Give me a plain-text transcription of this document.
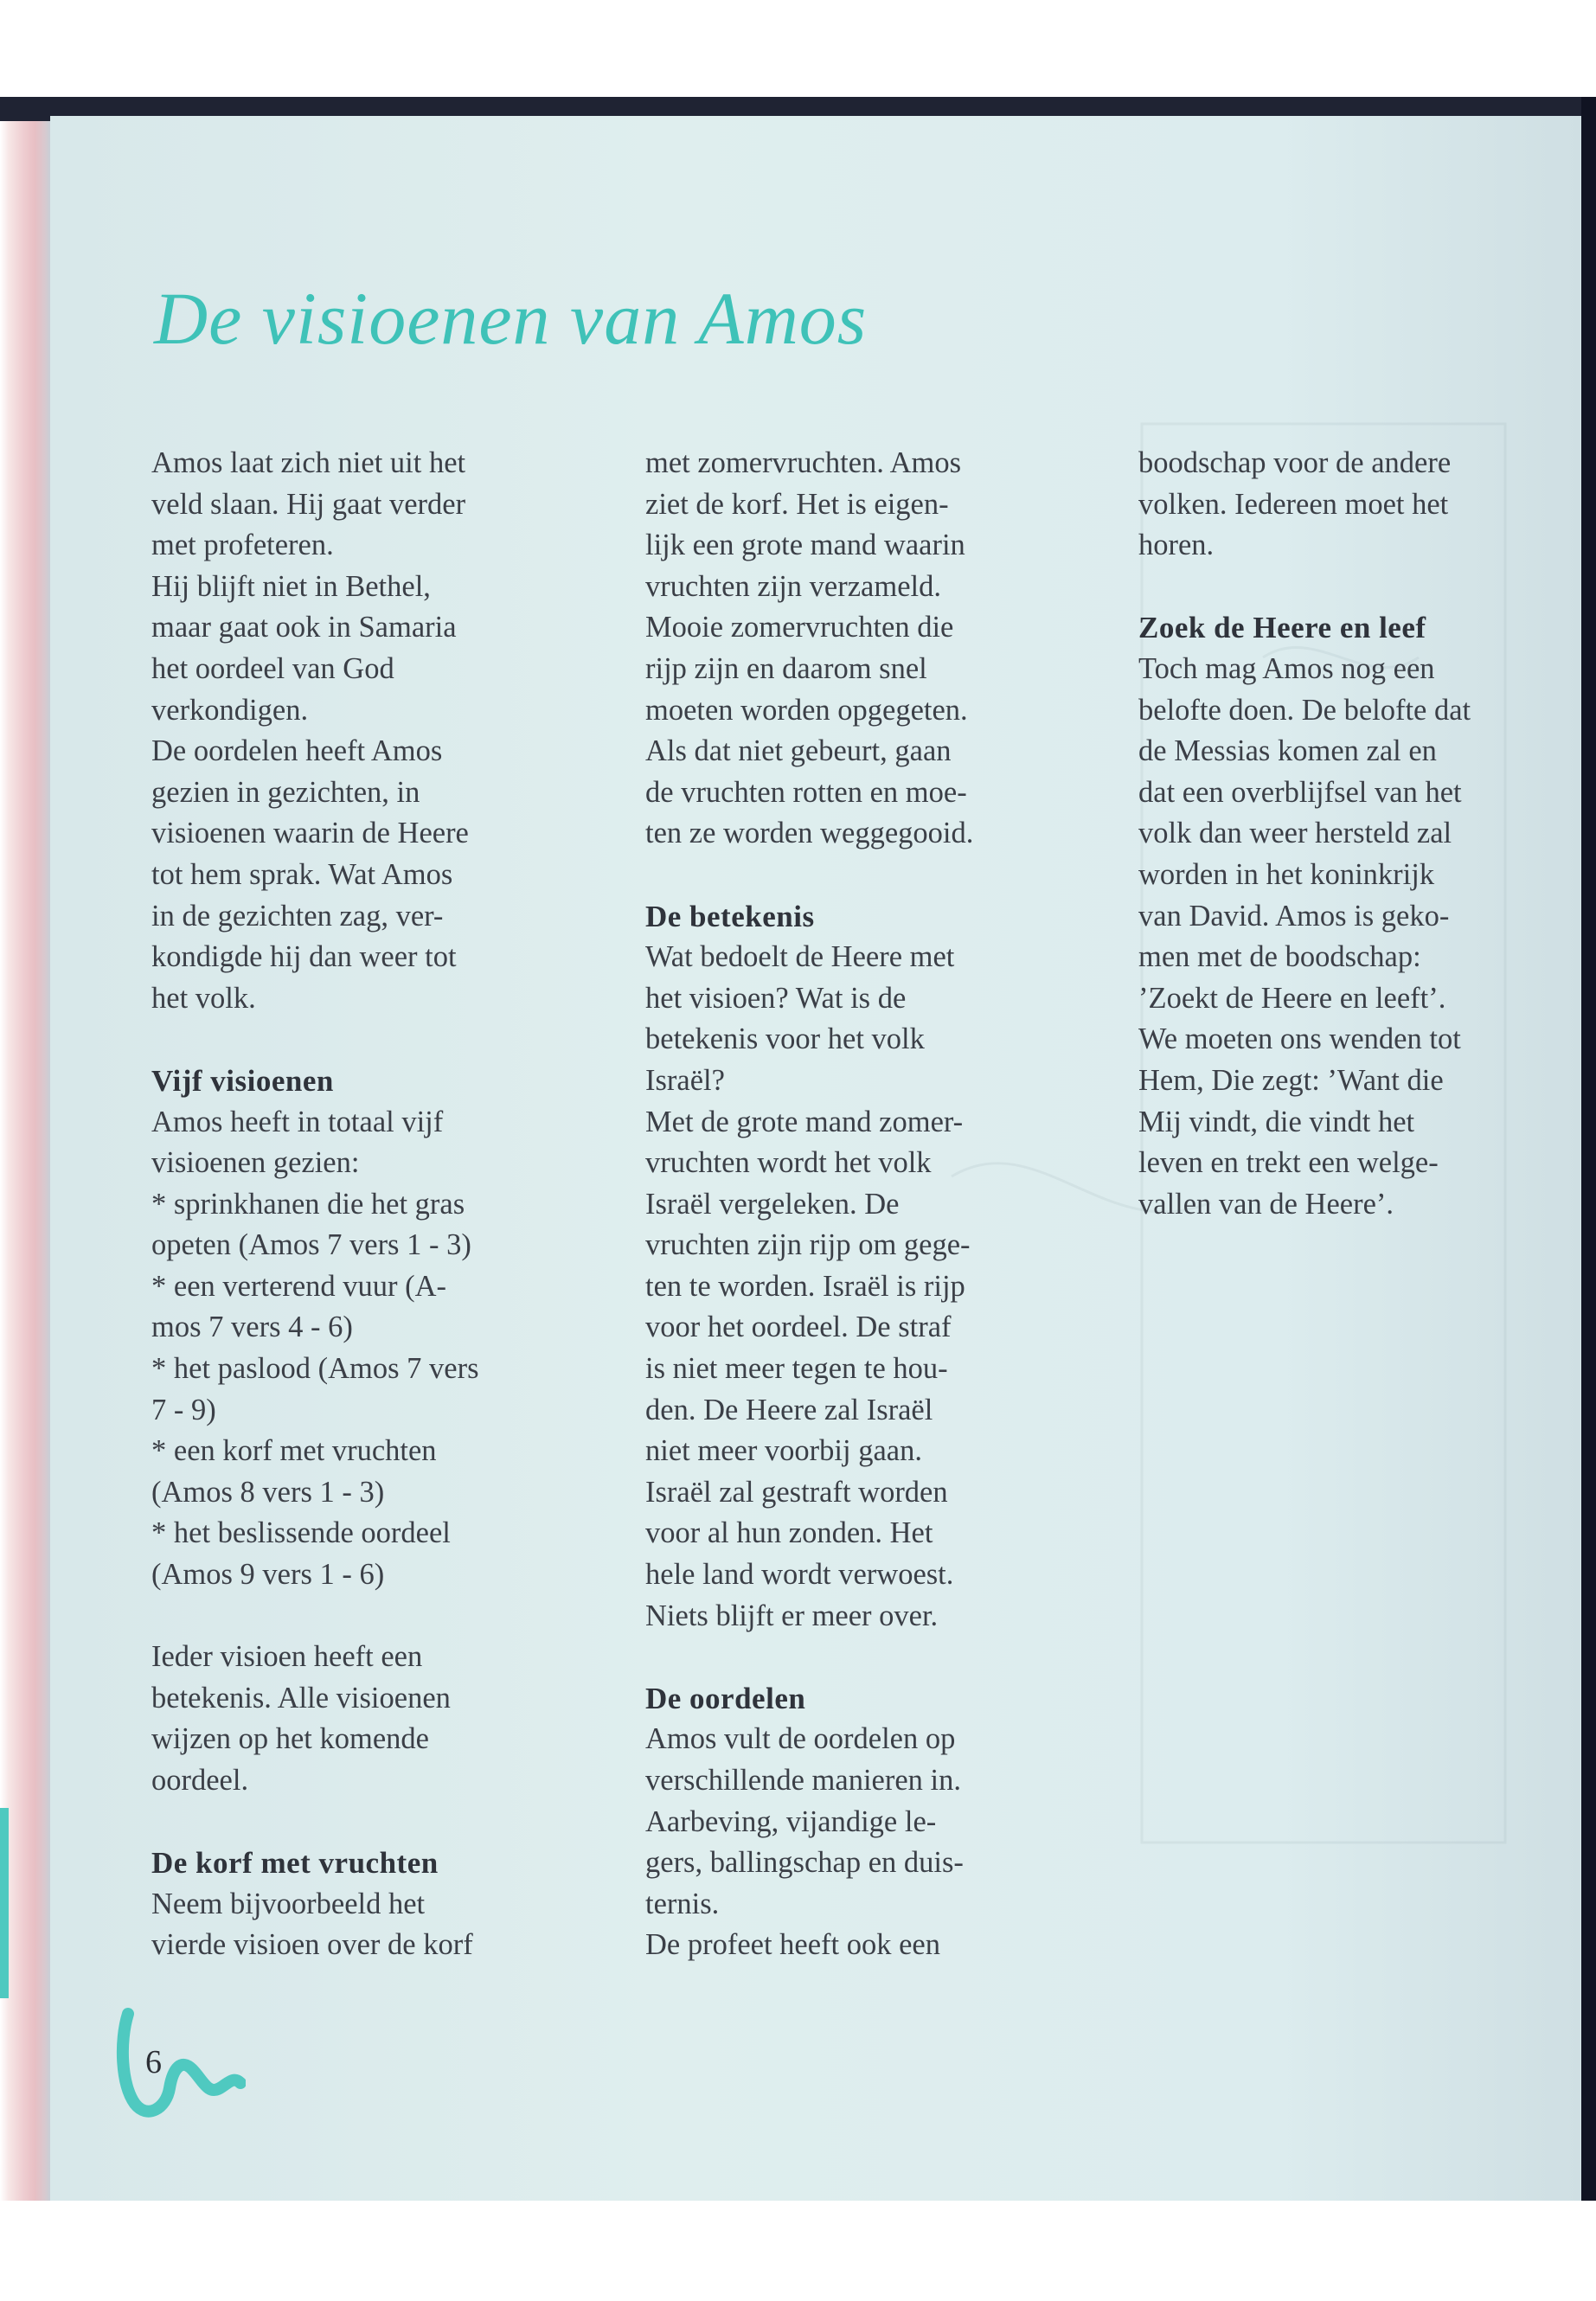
De visioenen van Amos

Amos laat zich niet uit het
veld slaan. Hij gaat verder
met profeteren.
Hij blijft niet in Bethel,
maar gaat ook in Samaria
het oordeel van God
verkondigen.
De oordelen heeft Amos
gezien in gezichten, in
visioenen waarin de Heere
tot hem sprak. Wat Amos
in de gezichten zag, ver-
kondigde hij dan weer tot
het volk.

Vijf visioenen

Amos heeft in totaal vijf
visioenen gezien:
* sprinkhanen die het gras
opeten (Amos 7 vers 1 - 3)
* een verterend vuur (A-
mos 7 vers 4 - 6)
* het paslood (Amos 7 vers
7 - 9)
* een korf met vruchten
(Amos 8 vers 1 - 3)
* het beslissende oordeel
(Amos 9 vers 1 - 6)

Ieder visioen heeft een
betekenis. Alle visioenen
wijzen op het komende
oordeel.

De korf met vruchten

Neem bijvoorbeeld het
vierde visioen over de korf

met zomervruchten. Amos
ziet de korf. Het is eigen-
lijk een grote mand waarin
vruchten zijn verzameld.
Mooie zomervruchten die
rijp zijn en daarom snel
moeten worden opgegeten.
Als dat niet gebeurt, gaan
de vruchten rotten en moe-
ten ze worden weggegooid.

De betekenis

Wat bedoelt de Heere met
het visioen? Wat is de
betekenis voor het volk
Israël?
Met de grote mand zomer-
vruchten wordt het volk
Israël vergeleken. De
vruchten zijn rijp om gege-
ten te worden. Israël is rijp
voor het oordeel. De straf
is niet meer tegen te hou-
den. De Heere zal Israël
niet meer voorbij gaan.
Israël zal gestraft worden
voor al hun zonden. Het
hele land wordt verwoest.
Niets blijft er meer over.

De oordelen

Amos vult de oordelen op
verschillende manieren in.
Aarbeving, vijandige le-
gers, ballingschap en duis-
ternis.
De profeet heeft ook een

boodschap voor de andere
volken. Iedereen moet het
horen.

Zoek de Heere en leef

Toch mag Amos nog een
belofte doen. De belofte dat
de Messias komen zal en
dat een overblijfsel van het
volk dan weer hersteld zal
worden in het koninkrijk
van David. Amos is geko-
men met de boodschap:
’Zoekt de Heere en leeft’.
We moeten ons wenden tot
Hem, Die zegt: ’Want die
Mij vindt, die vindt het
leven en trekt een welge-
vallen van de Heere’.

6
